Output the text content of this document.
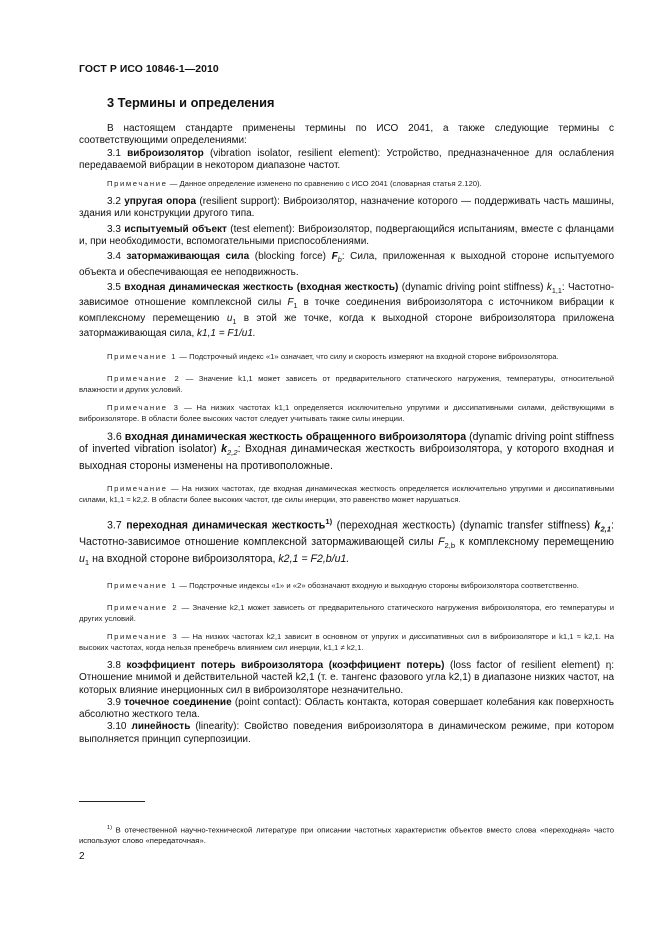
ГОСТ Р ИСО 10846-1—2010
3 Термины и определения

В настоящем стандарте применены термины по ИСО 2041, а также следующие термины с соответствующими определениями:

3.1 виброизолятор (vibration isolator, resilient element): Устройство, предназначенное для ослабления передаваемой вибрации в некотором диапазоне частот.

Примечание — Данное определение изменено по сравнению с ИСО 2041 (словарная статья 2.120).

3.2 упругая опора (resilient support): Виброизолятор, назначение которого — поддерживать часть машины, здания или конструкции другого типа.

3.3 испытуемый объект (test element): Виброизолятор, подвергающийся испытаниям, вместе с фланцами и, при необходимости, вспомогательными приспособлениями.

3.4 затормаживающая сила (blocking force) $F_b$: Сила, приложенная к выходной стороне испытуемого объекта и обеспечивающая ее неподвижность.

3.5 входная динамическая жесткость (входная жесткость) (dynamic driving point stiffness) $k_{1,1}$: Частотно-зависимое отношение комплексной силы $F_1$ в точке соединения виброизолятора с источником вибрации к комплексному перемещению $u_1$ в этой же точке, когда к выходной стороне виброизолятора приложена затормаживающая сила, k1,1 = F1/u1.

Примечание 1 — Подстрочный индекс «1» означает, что силу и скорость измеряют на входной стороне виброизолятора.

Примечание 2 — Значение k1,1 может зависеть от предварительного статического нагружения, температуры, относительной влажности и других условий.

Примечание 3 — На низких частотах k1,1 определяется исключительно упругими и диссипативными силами, действующими в виброизоляторе. В области более высоких частот следует учитывать также силы инерции.

3.6 входная динамическая жесткость обращенного виброизолятора (dynamic driving point stiffness of inverted vibration isolator) $k_{2,2}$: Входная динамическая жесткость виброизолятора, у которого входная и выходная стороны изменены на противоположные.

Примечание — На низких частотах, где входная динамическая жесткость определяется исключительно упругими и диссипативными силами, k1,1 ≈ k2,2. В области более высоких частот, где силы инерции, это равенство может нарушаться.

3.7 переходная динамическая жесткость$^{1)}$ (переходная жесткость) (dynamic transfer stiffness) $k_{2,1}$: Частотно-зависимое отношение комплексной затормаживающей силы $F_{2,b}$ к комплексному перемещению $u_1$ на входной стороне виброизолятора, k2,1 = F2,b/u1.

Примечание 1 — Подстрочные индексы «1» и «2» обозначают входную и выходную стороны виброизолятора соответственно.

Примечание 2 — Значение k2,1 может зависеть от предварительного статического нагружения виброизолятора, его температуры и других условий.

Примечание 3 — На низких частотах k2,1 зависит в основном от упругих и диссипативных сил в виброизоляторе и k1,1 ≈ k2,1. На высоких частотах, когда нельзя пренебречь влиянием сил инерции, k1,1 ≠ k2,1.

3.8 коэффициент потерь виброизолятора (коэффициент потерь) (loss factor of resilient element) η: Отношение мнимой и действительной частей k2,1 (т. е. тангенс фазового угла k2,1) в диапазоне низких частот, на которых влияние инерционных сил в виброизоляторе незначительно.

3.9 точечное соединение (point contact): Область контакта, которая совершает колебания как поверхность абсолютно жесткого тела.

3.10 линейность (linearity): Свойство поведения виброизолятора в динамическом режиме, при котором выполняется принцип суперпозиции.

$^{1)}$ В отечественной научно-технической литературе при описании частотных характеристик объектов вместо слова «переходная» часто используют слово «передаточная».

2
